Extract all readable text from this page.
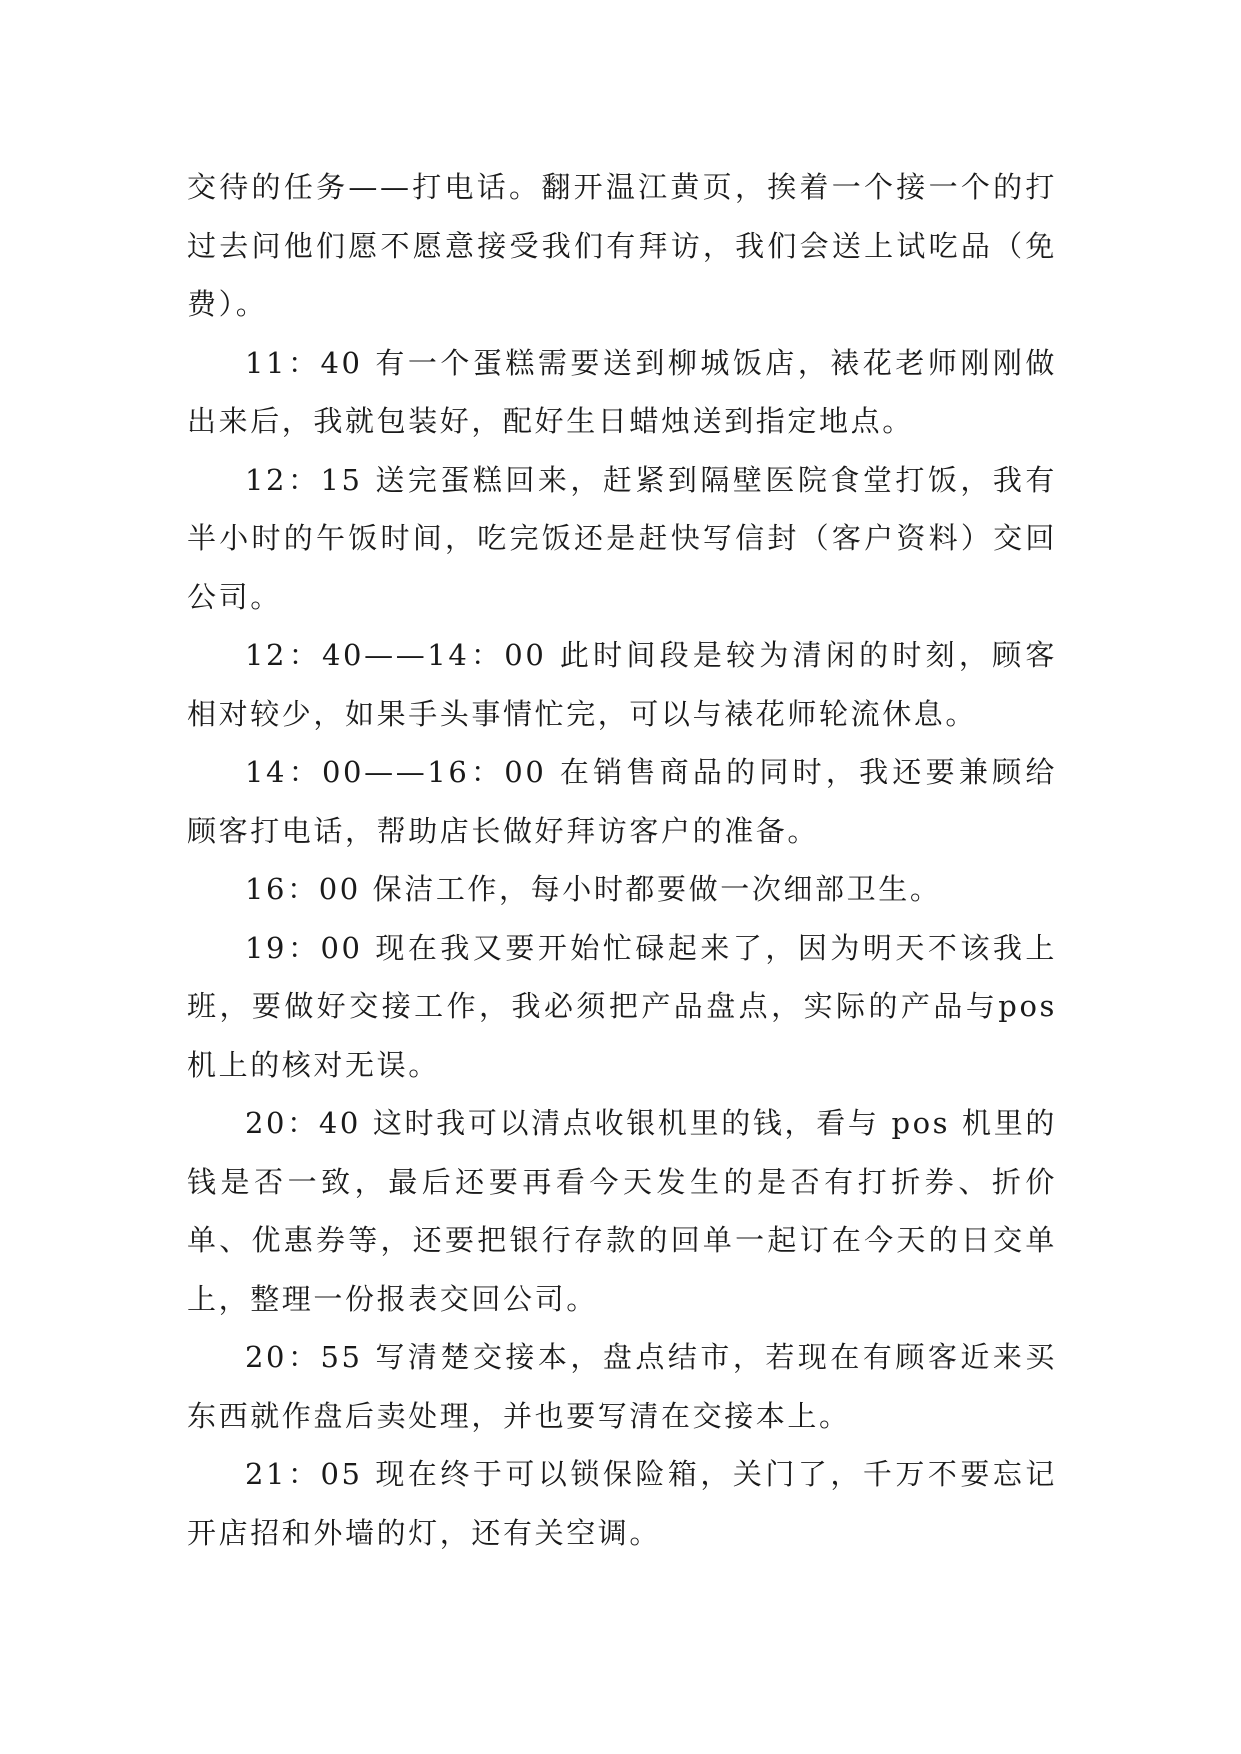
交待的任务——打电话。翻开温江黄页，挨着一个接一个的打过去问他们愿不愿意接受我们有拜访，我们会送上试吃品（免费）。

11：40 有一个蛋糕需要送到柳城饭店，裱花老师刚刚做出来后，我就包装好，配好生日蜡烛送到指定地点。

12：15 送完蛋糕回来，赶紧到隔壁医院食堂打饭，我有半小时的午饭时间，吃完饭还是赶快写信封（客户资料）交回公司。

12：40——14：00 此时间段是较为清闲的时刻，顾客相对较少，如果手头事情忙完，可以与裱花师轮流休息。

14：00——16：00 在销售商品的同时，我还要兼顾给顾客打电话，帮助店长做好拜访客户的准备。

16：00 保洁工作，每小时都要做一次细部卫生。

19：00 现在我又要开始忙碌起来了，因为明天不该我上班，要做好交接工作，我必须把产品盘点，实际的产品与pos 机上的核对无误。

20：40 这时我可以清点收银机里的钱，看与 pos 机里的钱是否一致，最后还要再看今天发生的是否有打折券、折价单、优惠券等，还要把银行存款的回单一起订在今天的日交单上，整理一份报表交回公司。

20：55 写清楚交接本，盘点结市，若现在有顾客近来买东西就作盘后卖处理，并也要写清在交接本上。

21：05 现在终于可以锁保险箱，关门了，千万不要忘记开店招和外墙的灯，还有关空调。
